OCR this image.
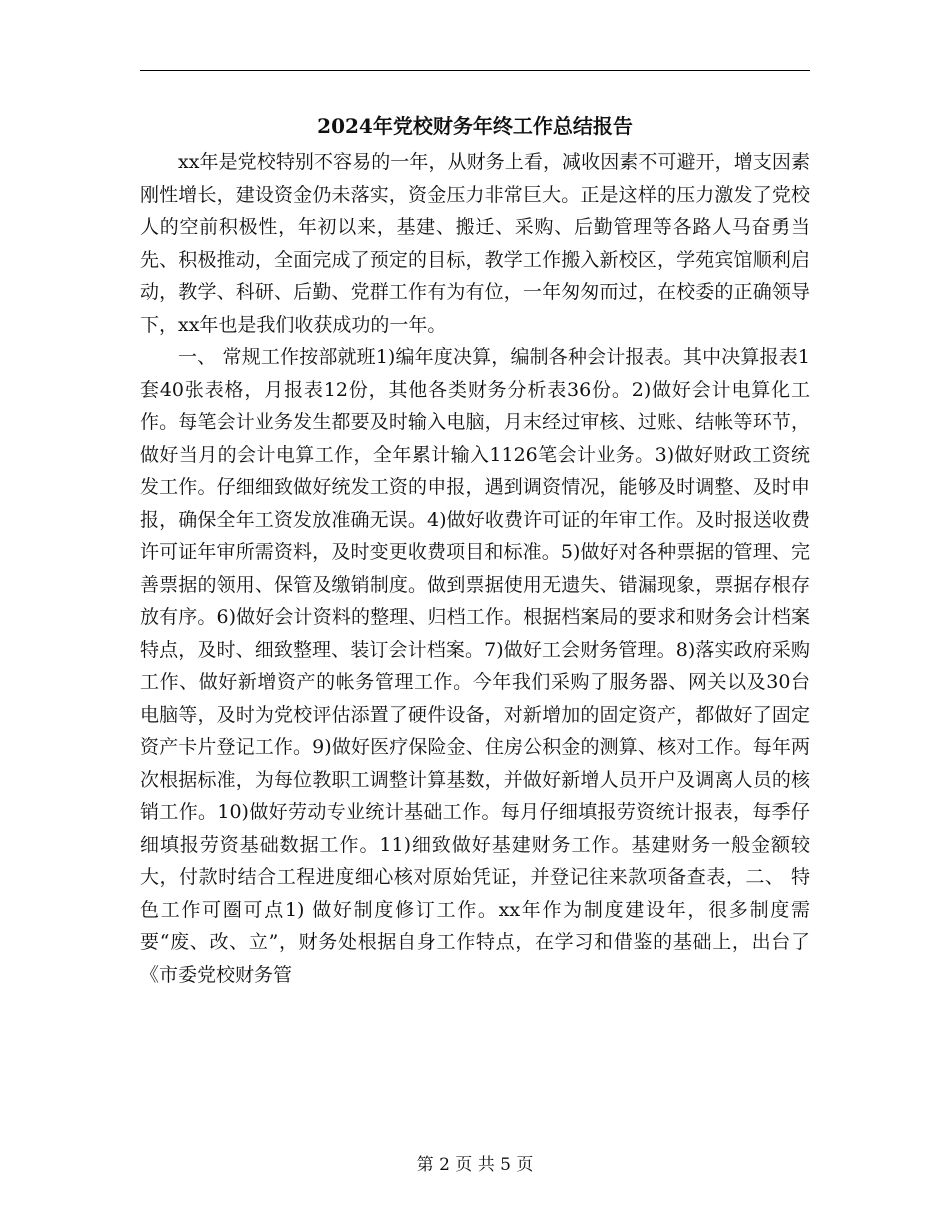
2024年党校财务年终工作总结报告

xx年是党校特别不容易的一年，从财务上看，减收因素不可避开，增支因素刚性增长，建设资金仍未落实，资金压力非常巨大。正是这样的压力激发了党校人的空前积极性，年初以来，基建、搬迁、采购、后勤管理等各路人马奋勇当先、积极推动，全面完成了预定的目标，教学工作搬入新校区，学苑宾馆顺利启动，教学、科研、后勤、党群工作有为有位，一年匆匆而过，在校委的正确领导下，xx年也是我们收获成功的一年。

一、 常规工作按部就班1)编年度决算，编制各种会计报表。其中决算报表1套40张表格，月报表12份，其他各类财务分析表36份。2)做好会计电算化工作。每笔会计业务发生都要及时输入电脑，月末经过审核、过账、结帐等环节，做好当月的会计电算工作，全年累计输入1126笔会计业务。3)做好财政工资统发工作。仔细细致做好统发工资的申报，遇到调资情况，能够及时调整、及时申报，确保全年工资发放准确无误。4)做好收费许可证的年审工作。及时报送收费许可证年审所需资料，及时变更收费项目和标准。5)做好对各种票据的管理、完善票据的领用、保管及缴销制度。做到票据使用无遗失、错漏现象，票据存根存放有序。6)做好会计资料的整理、归档工作。根据档案局的要求和财务会计档案特点，及时、细致整理、装订会计档案。7)做好工会财务管理。8)落实政府采购工作、做好新增资产的帐务管理工作。今年我们采购了服务器、网关以及30台电脑等，及时为党校评估添置了硬件设备，对新增加的固定资产，都做好了固定资产卡片登记工作。9)做好医疗保险金、住房公积金的测算、核对工作。每年两次根据标准，为每位教职工调整计算基数，并做好新增人员开户及调离人员的核销工作。10)做好劳动专业统计基础工作。每月仔细填报劳资统计报表，每季仔细填报劳资基础数据工作。11)细致做好基建财务工作。基建财务一般金额较大，付款时结合工程进度细心核对原始凭证，并登记往来款项备查表，二、 特色工作可圈可点1) 做好制度修订工作。xx年作为制度建设年，很多制度需要“废、改、立”，财务处根据自身工作特点，在学习和借鉴的基础上，出台了《市委党校财务管

第 2 页 共 5 页
